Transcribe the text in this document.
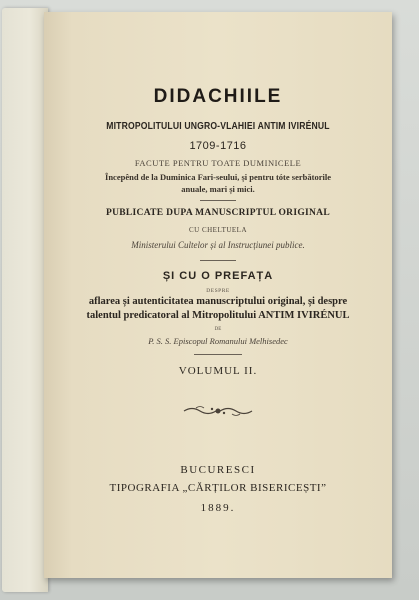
DIDACHIILE
MITROPOLITULUI UNGRO-VLAHIEI ANTIM IVIRÉNUL
1709-1716
FACUTE PENTRU TOATE DUMINICELE
Începênd de la Duminica Fari-seului, și pentru tóte serbătorile
anuale, mari și mici.
PUBLICATE DUPA MANUSCRIPTUL ORIGINAL
CU CHELTUELA
Ministerului Cultelor și al Instrucțiunei publice.
ȘI CU O PREFAȚA
DESPRE
aflarea și autenticitatea manuscriptului original, și despre
talentul predicatoral al Mitropolitului ANTIM IVIRÉNUL
DE
P. S. S. Episcopul Romanului Melhisedec
VOLUMUL II.
BUCURESCI
TIPOGRAFIA „CĂRȚILOR BISERICEȘTI”
1889.
